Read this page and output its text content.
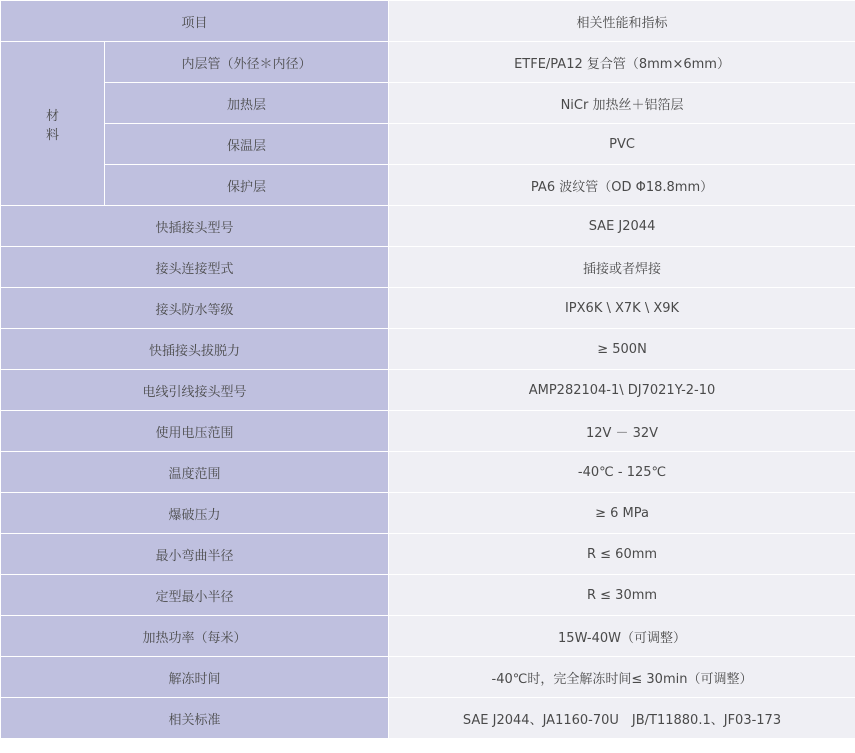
项目		相关性能和指标
材料	内层管（外径＊内径）	ETFE/PA12 复合管（8mm×6mm）
	加热层	NiCr 加热丝＋铝箔层
	保温层	PVC
	保护层	PA6 波纹管（OD Φ18.8mm）
快插接头型号		SAE J2044
接头连接型式		插接或者焊接
接头防水等级		IPX6K \ X7K \ X9K
快插接头拔脱力		≥ 500N
电线引线接头型号		AMP282104-1\ DJ7021Y-2-10
使用电压范围		12V － 32V
温度范围		-40℃ - 125℃
爆破压力		≥ 6 MPa
最小弯曲半径		R ≤ 60mm
定型最小半径		R ≤ 30mm
加热功率（每米）		15W-40W（可调整）
解冻时间		-40℃时，完全解冻时间≤ 30min（可调整）
相关标准		SAE J2044、JA1160-70U　JB/T11880.1、JF03-173
